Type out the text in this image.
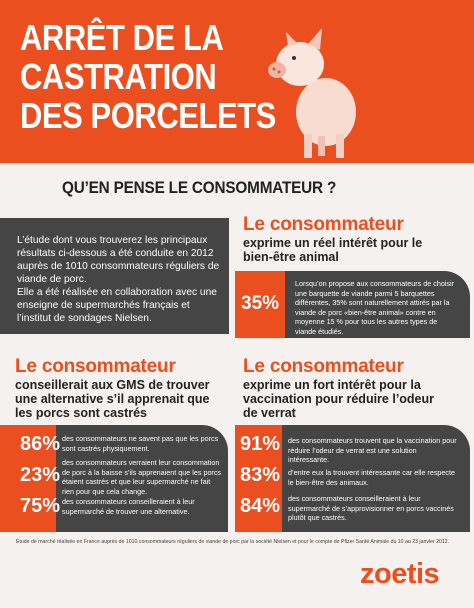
ARRÊT DE LA
CASTRATION
DES PORCELETS
QU’EN PENSE LE CONSOMMATEUR ?

L’étude dont vous trouverez les principaux résultats ci-dessous a été conduite en 2012 auprès de 1010 consommateurs réguliers de viande de porc.
Elle a été réalisée en collaboration avec une enseigne de supermarchés français et l’institut de sondages Nielsen.

Le consommateur

exprime un réel intérêt pour le bien-être animal

Lorsqu’on propose aux consommateurs de choisir une barquette de viande parmi 5 barquettes différentes, 35% sont naturellement attirés par la viande de porc «bien-être animal» contre en moyenne 15 % pour tous les autres types de viande étudiés.

35%
Le consommateur

conseillerait aux GMS de trouver une alternative s’il apprenait que les porcs sont castrés

86% des consommateurs ne savent pas que les porcs sont castrés physiquement.

23%

des consommateurs verraient leur consommation de porc à la baisse s’ils apprenaient que les porcs étaient castrés et que leur supermarché ne fait rien pour que cela change.

75% des consommateurs conseilleraient à leur supermarché de trouver une alternative.

Le consommateur

exprime un fort intérêt pour la vaccination pour réduire l’odeur de verrat

91% des consommateurs trouvent que la vaccination pour réduire l’odeur de verrat est une solution intéressante.

83% d’entre eux la trouvent intéressante car elle respecte le bien-être des animaux.

84% des consommateurs conseilleraient à leur supermarché de s’approvisionner en porcs vaccinés plutôt que castrés.

Étude de marché réalisée en France auprès de 1010 consommateurs réguliers de viande de porc par la société Nielsen et pour le compte de Pfizer Santé Animale du 10 au 23 janvier 2012.

zoetis
